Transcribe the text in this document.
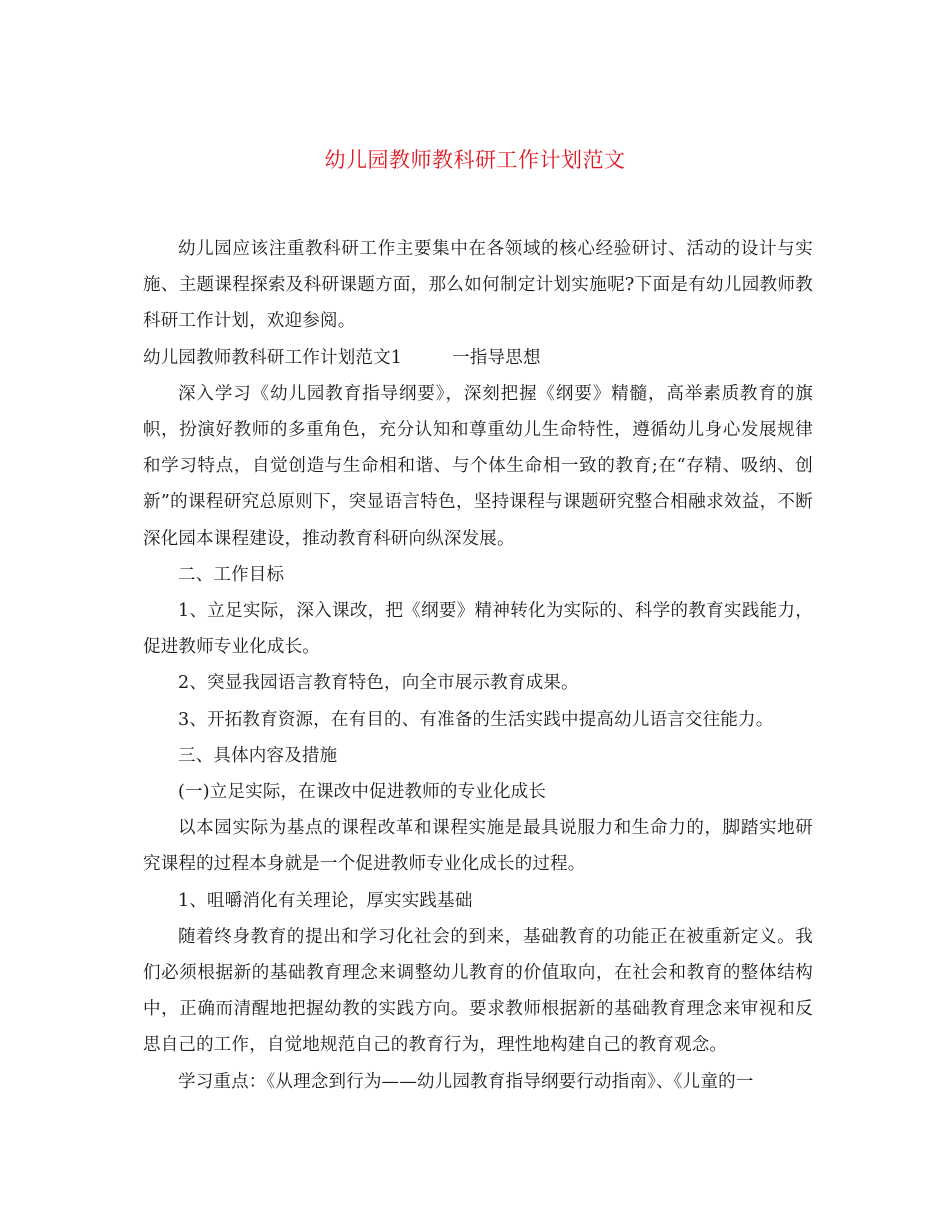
幼儿园教师教科研工作计划范文

幼儿园应该注重教科研工作主要集中在各领域的核心经验研讨、活动的设计与实施、主题课程探索及科研课题方面，那么如何制定计划实施呢?下面是有幼儿园教师教科研工作计划，欢迎参阅。

幼儿园教师教科研工作计划范文1	一指导思想

深入学习《幼儿园教育指导纲要》，深刻把握《纲要》精髓，高举素质教育的旗帜，扮演好教师的多重角色，充分认知和尊重幼儿生命特性，遵循幼儿身心发展规律和学习特点，自觉创造与生命相和谐、与个体生命相一致的教育;在“存精、吸纳、创新”的课程研究总原则下，突显语言特色，坚持课程与课题研究整合相融求效益，不断深化园本课程建设，推动教育科研向纵深发展。

二、工作目标

1、立足实际，深入课改，把《纲要》精神转化为实际的、科学的教育实践能力，促进教师专业化成长。

2、突显我园语言教育特色，向全市展示教育成果。

3、开拓教育资源，在有目的、有准备的生活实践中提高幼儿语言交往能力。

三、具体内容及措施

(一)立足实际，在课改中促进教师的专业化成长

以本园实际为基点的课程改革和课程实施是最具说服力和生命力的，脚踏实地研究课程的过程本身就是一个促进教师专业化成长的过程。

1、咀嚼消化有关理论，厚实实践基础

随着终身教育的提出和学习化社会的到来，基础教育的功能正在被重新定义。我们必须根据新的基础教育理念来调整幼儿教育的价值取向，在社会和教育的整体结构中，正确而清醒地把握幼教的实践方向。要求教师根据新的基础教育理念来审视和反思自己的工作，自觉地规范自己的教育行为，理性地构建自己的教育观念。

学习重点：《从理念到行为——幼儿园教育指导纲要行动指南》、《儿童的一
